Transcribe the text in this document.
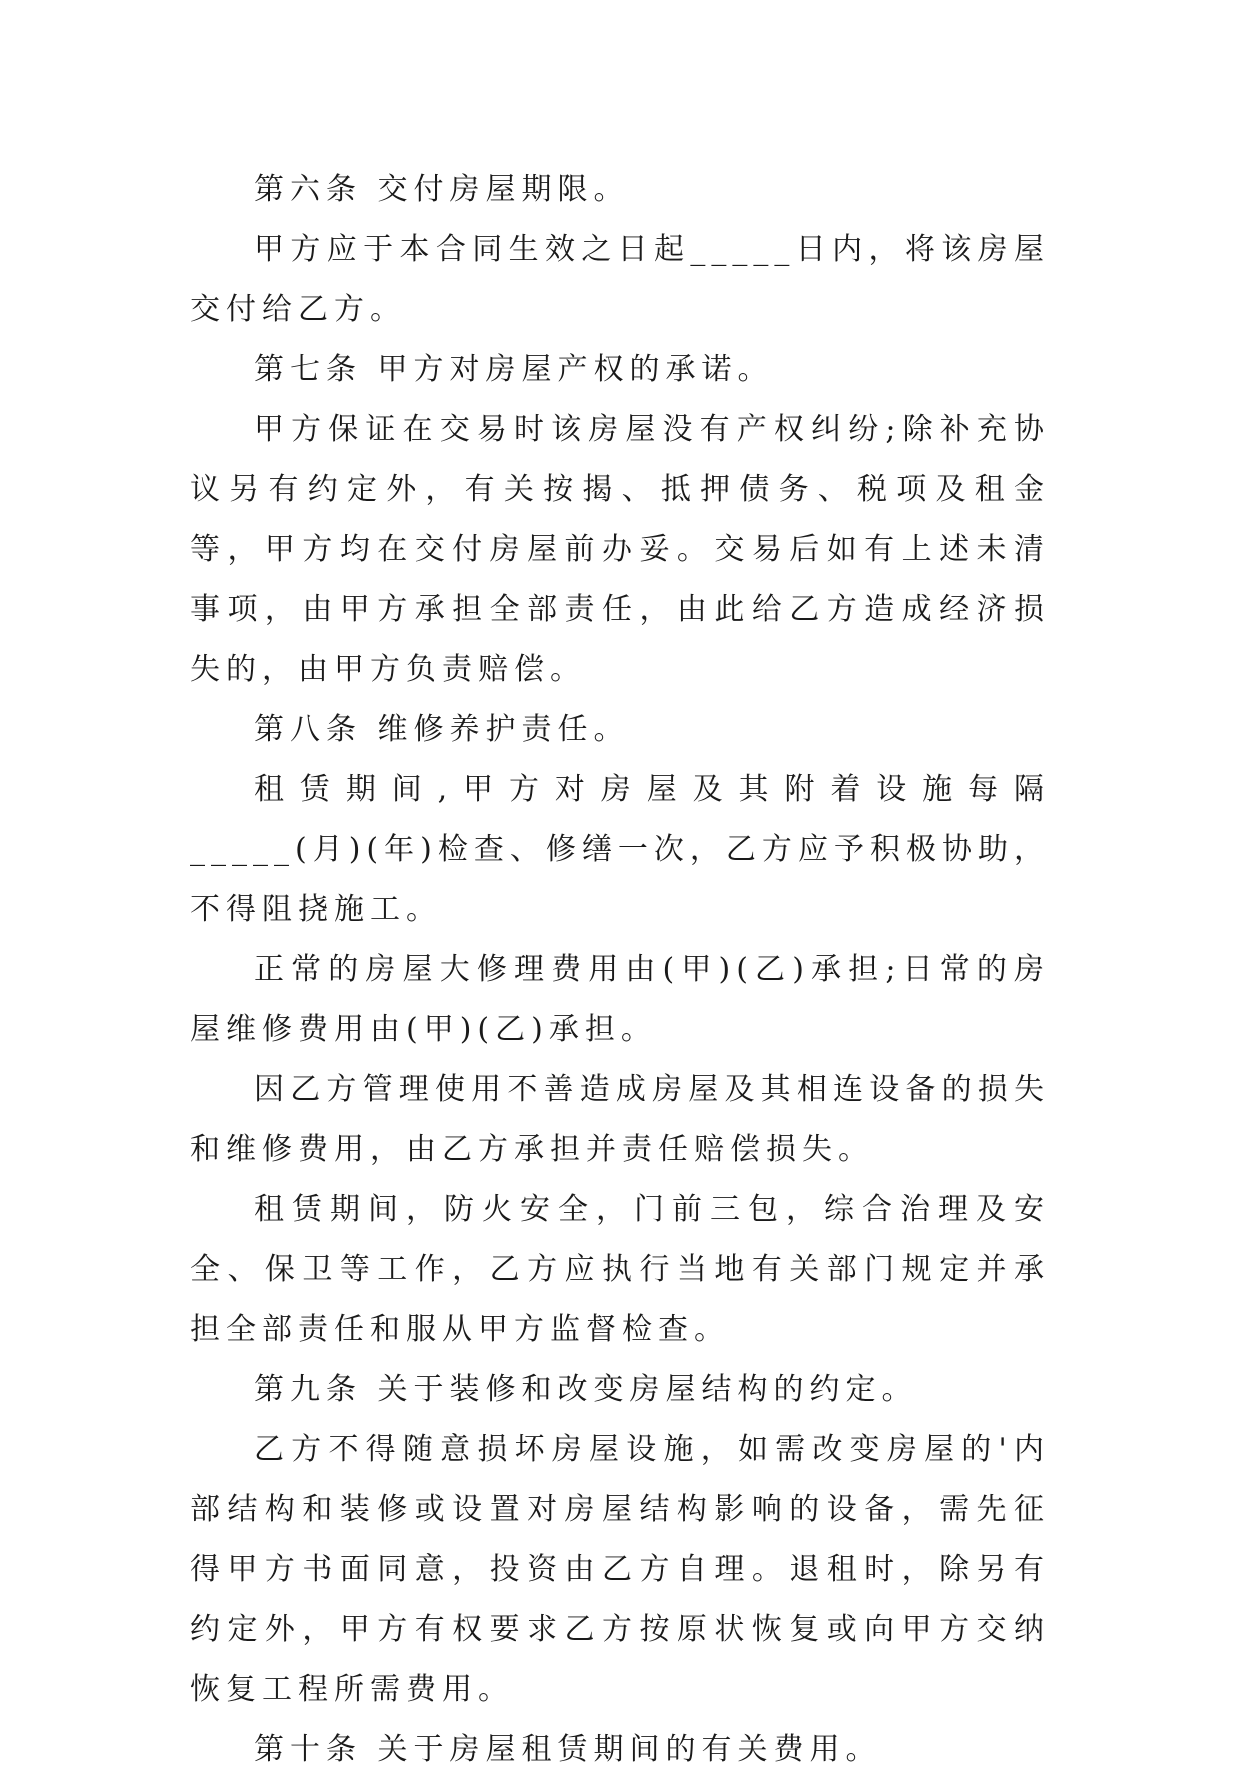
第六条 交付房屋期限。

甲方应于本合同生效之日起_____日内，将该房屋交付给乙方。

第七条 甲方对房屋产权的承诺。

甲方保证在交易时该房屋没有产权纠纷;除补充协议另有约定外，有关按揭、抵押债务、税项及租金等，甲方均在交付房屋前办妥。交易后如有上述未清事项，由甲方承担全部责任，由此给乙方造成经济损失的，由甲方负责赔偿。

第八条 维修养护责任。

租赁期间,甲方对房屋及其附着设施每隔_____(月)(年)检查、修缮一次，乙方应予积极协助，不得阻挠施工。

正常的房屋大修理费用由(甲)(乙)承担;日常的房屋维修费用由(甲)(乙)承担。

因乙方管理使用不善造成房屋及其相连设备的损失和维修费用，由乙方承担并责任赔偿损失。

租赁期间，防火安全，门前三包，综合治理及安全、保卫等工作，乙方应执行当地有关部门规定并承担全部责任和服从甲方监督检查。

第九条 关于装修和改变房屋结构的约定。

乙方不得随意损坏房屋设施，如需改变房屋的'内部结构和装修或设置对房屋结构影响的设备，需先征得甲方书面同意，投资由乙方自理。退租时，除另有约定外，甲方有权要求乙方按原状恢复或向甲方交纳恢复工程所需费用。

第十条 关于房屋租赁期间的有关费用。
